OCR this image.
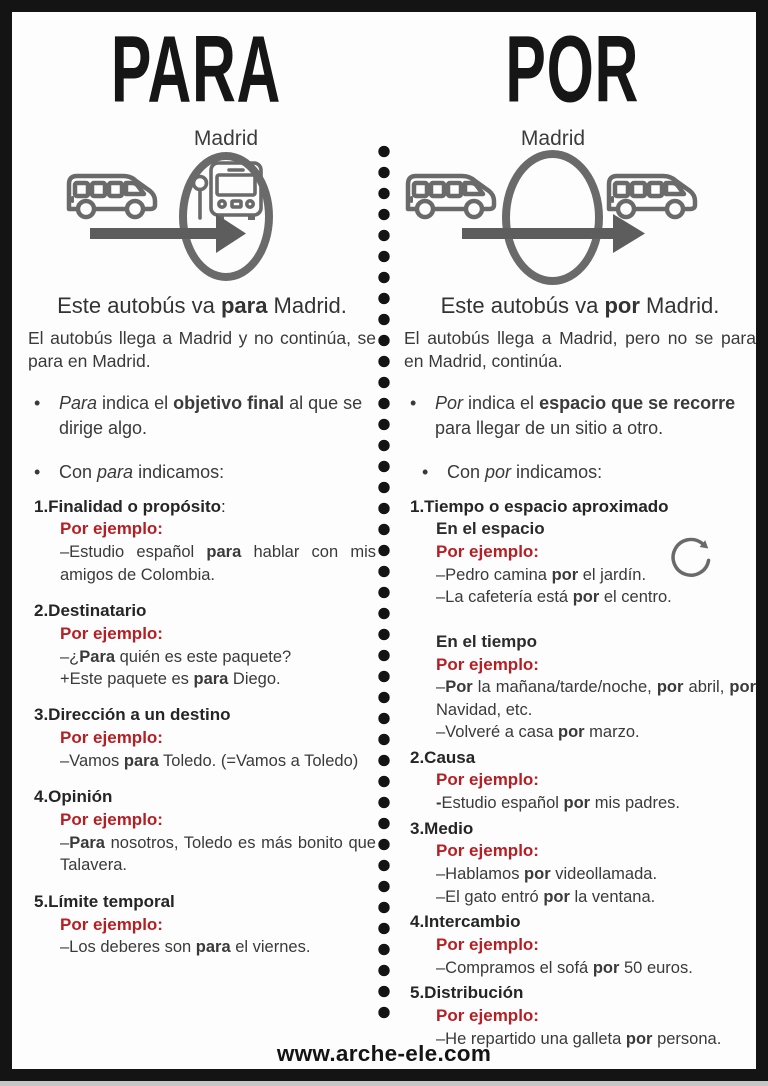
PARA	POR
Madrid	Madrid
Este autobús va para Madrid.
El autobús llega a Madrid y no continúa, se para en Madrid.
•	Para indica el objetivo final al que se dirige algo.
•	Con para indicamos:
1.Finalidad o propósito:
Por ejemplo:
–Estudio español para hablar con mis amigos de Colombia.
2.Destinatario
Por ejemplo:
–¿Para quién es este paquete?
+Este paquete es para Diego.
3.Dirección a un destino
Por ejemplo:
–Vamos para Toledo. (=Vamos a Toledo)
4.Opinión
Por ejemplo:
–Para nosotros, Toledo es más bonito que Talavera.
5.Límite temporal
Por ejemplo:
–Los deberes son para el viernes.
Este autobús va por Madrid.
El autobús llega a Madrid, pero no se para en Madrid, continúa.
•	Por indica el espacio que se recorre para llegar de un sitio a otro.
•	Con por indicamos:
1.Tiempo o espacio aproximado
En el espacio
Por ejemplo:
–Pedro camina por el jardín.
–La cafetería está por el centro.
En el tiempo
Por ejemplo:
–Por la mañana/tarde/noche, por abril, por Navidad, etc.
–Volveré a casa por marzo.
2.Causa
Por ejemplo:
-Estudio español por mis padres.
3.Medio
Por ejemplo:
–Hablamos por videollamada.
–El gato entró por la ventana.
4.Intercambio
Por ejemplo:
–Compramos el sofá por 50 euros.
5.Distribución
Por ejemplo:
–He repartido una galleta por persona.
www.arche-ele.com
